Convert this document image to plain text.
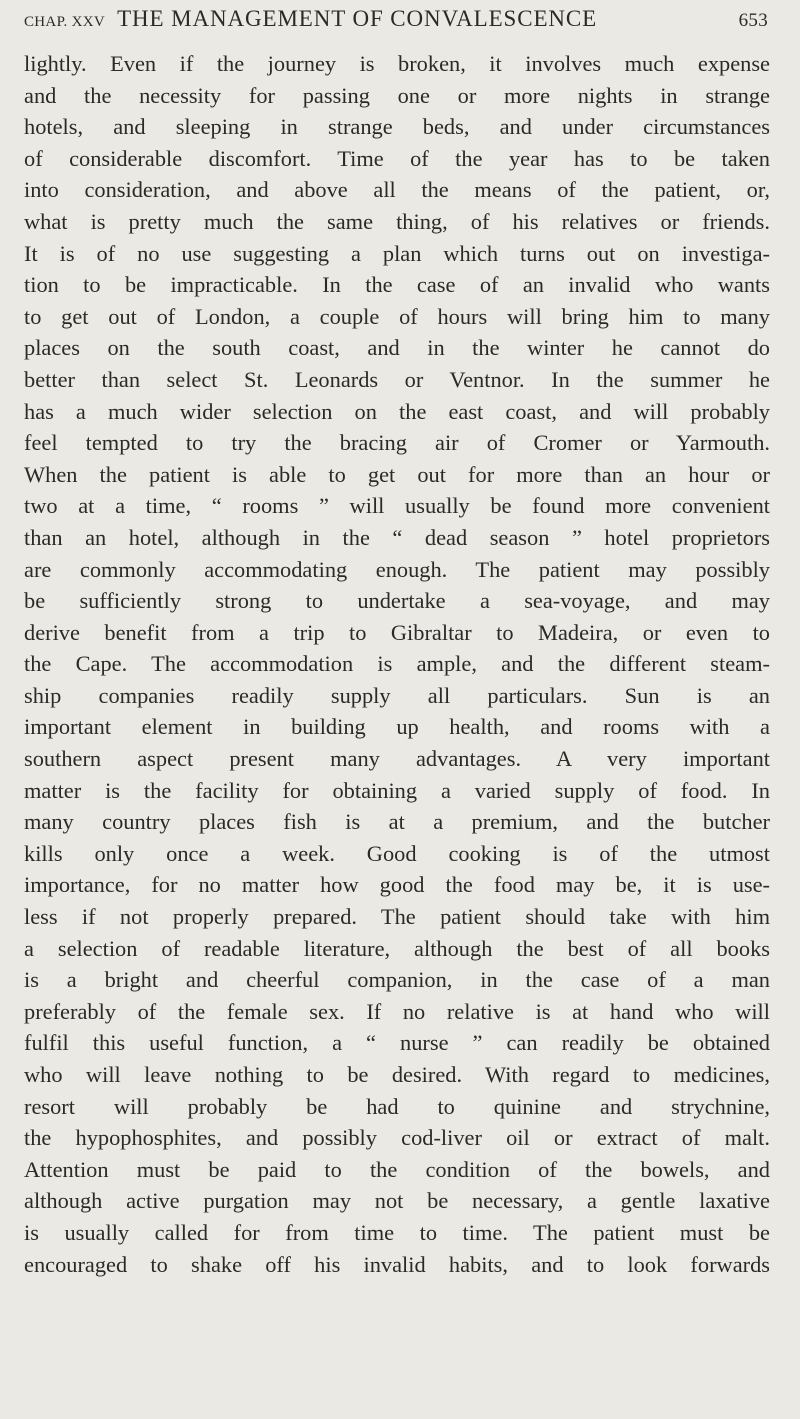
CHAP. XXV THE MANAGEMENT OF CONVALESCENCE	653
lightly. Even if the journey is broken, it involves much expense
and the necessity for passing one or more nights in strange
hotels, and sleeping in strange beds, and under circumstances
of considerable discomfort. Time of the year has to be taken
into consideration, and above all the means of the patient, or,
what is pretty much the same thing, of his relatives or friends.
It is of no use suggesting a plan which turns out on investiga-
tion to be impracticable. In the case of an invalid who wants
to get out of London, a couple of hours will bring him to many
places on the south coast, and in the winter he cannot do
better than select St. Leonards or Ventnor. In the summer he
has a much wider selection on the east coast, and will probably
feel tempted to try the bracing air of Cromer or Yarmouth.
When the patient is able to get out for more than an hour or
two at a time, “ rooms ” will usually be found more convenient
than an hotel, although in the “ dead season ” hotel proprietors
are commonly accommodating enough. The patient may possibly
be sufficiently strong to undertake a sea-voyage, and may
derive benefit from a trip to Gibraltar to Madeira, or even to
the Cape. The accommodation is ample, and the different steam-
ship companies readily supply all particulars. Sun is an
important element in building up health, and rooms with a
southern aspect present many advantages. A very important
matter is the facility for obtaining a varied supply of food. In
many country places fish is at a premium, and the butcher
kills only once a week. Good cooking is of the utmost
importance, for no matter how good the food may be, it is use-
less if not properly prepared. The patient should take with him
a selection of readable literature, although the best of all books
is a bright and cheerful companion, in the case of a man
preferably of the female sex. If no relative is at hand who will
fulfil this useful function, a “ nurse ” can readily be obtained
who will leave nothing to be desired. With regard to medicines,
resort will probably be had to quinine and strychnine,
the hypophosphites, and possibly cod-liver oil or extract of malt.
Attention must be paid to the condition of the bowels, and
although active purgation may not be necessary, a gentle laxative
is usually called for from time to time. The patient must be
encouraged to shake off his invalid habits, and to look forwards
